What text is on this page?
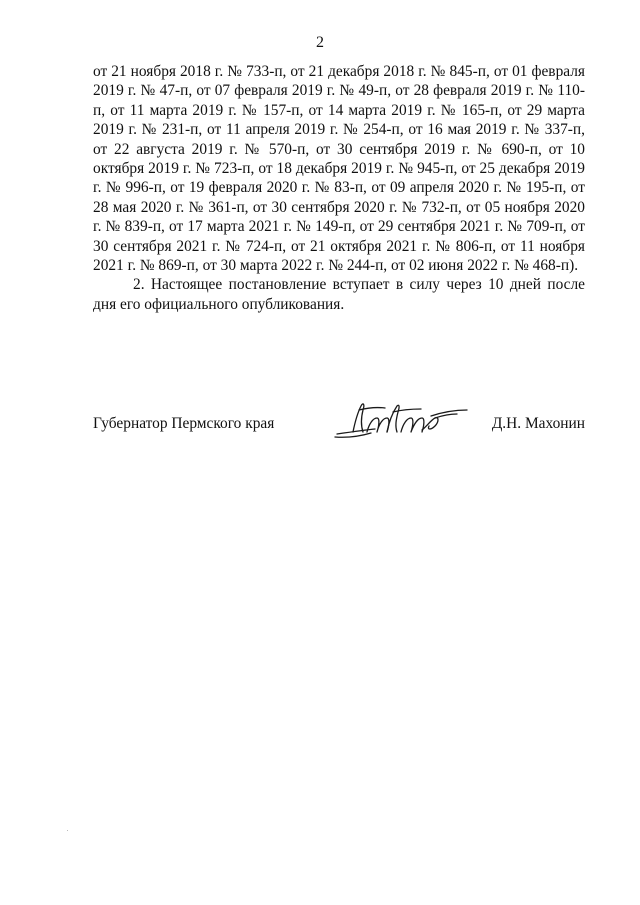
2

от 21 ноября 2018 г. № 733-п, от 21 декабря 2018 г. № 845-п, от 01 февраля 2019 г. № 47-п, от 07 февраля 2019 г. № 49-п, от 28 февраля 2019 г. № 110-п, от 11 марта 2019 г. № 157-п, от 14 марта 2019 г. № 165-п, от 29 марта 2019 г. № 231-п, от 11 апреля 2019 г. № 254-п, от 16 мая 2019 г. № 337-п, от 22 августа 2019 г. № 570-п, от 30 сентября 2019 г. № 690-п, от 10 октября 2019 г. № 723-п, от 18 декабря 2019 г. № 945-п, от 25 декабря 2019 г. № 996-п, от 19 февраля 2020 г. № 83-п, от 09 апреля 2020 г. № 195-п, от 28 мая 2020 г. № 361-п, от 30 сентября 2020 г. № 732-п, от 05 ноября 2020 г. № 839-п, от 17 марта 2021 г. № 149-п, от 29 сентября 2021 г. № 709-п, от 30 сентября 2021 г. № 724-п, от 21 октября 2021 г. № 806-п, от 11 ноября 2021 г. № 869-п, от 30 марта 2022 г. № 244-п, от 02 июня 2022 г. № 468-п).

2. Настоящее постановление вступает в силу через 10 дней после дня его официального опубликования.

Губернатор Пермского края	Д.Н. Махонин
